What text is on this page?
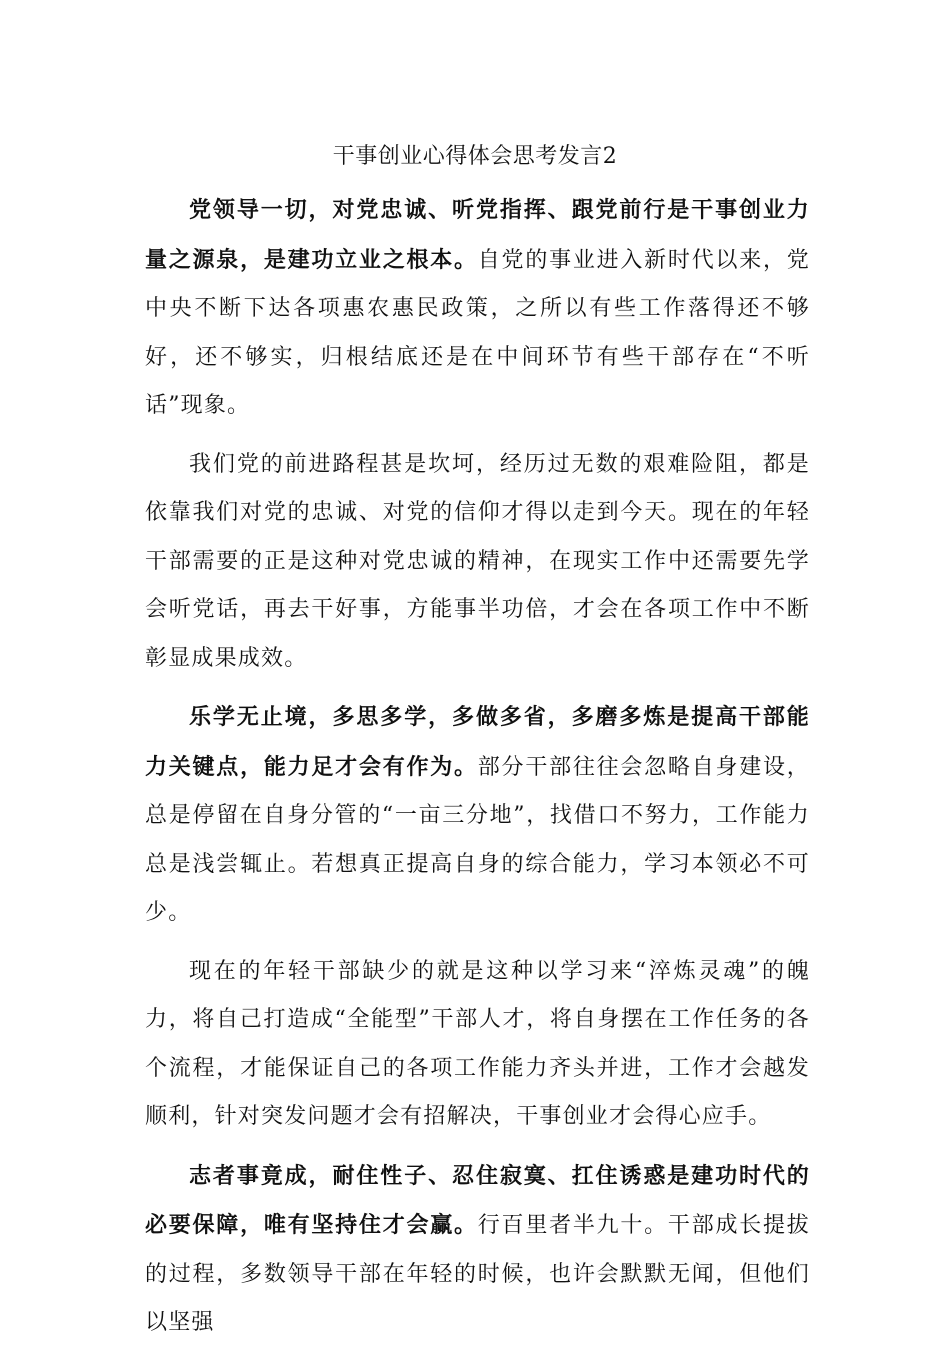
干事创业心得体会思考发言2

党领导一切，对党忠诚、听党指挥、跟党前行是干事创业力量之源泉，是建功立业之根本。自党的事业进入新时代以来，党中央不断下达各项惠农惠民政策，之所以有些工作落得还不够好，还不够实，归根结底还是在中间环节有些干部存在“不听话”现象。

我们党的前进路程甚是坎坷，经历过无数的艰难险阻，都是依靠我们对党的忠诚、对党的信仰才得以走到今天。现在的年轻干部需要的正是这种对党忠诚的精神，在现实工作中还需要先学会听党话，再去干好事，方能事半功倍，才会在各项工作中不断彰显成果成效。

乐学无止境，多思多学，多做多省，多磨多炼是提高干部能力关键点，能力足才会有作为。部分干部往往会忽略自身建设，总是停留在自身分管的“一亩三分地”，找借口不努力，工作能力总是浅尝辄止。若想真正提高自身的综合能力，学习本领必不可少。

现在的年轻干部缺少的就是这种以学习来“淬炼灵魂”的魄力，将自己打造成“全能型”干部人才，将自身摆在工作任务的各个流程，才能保证自己的各项工作能力齐头并进，工作才会越发顺利，针对突发问题才会有招解决，干事创业才会得心应手。

志者事竟成，耐住性子、忍住寂寞、扛住诱惑是建功时代的必要保障，唯有坚持住才会赢。行百里者半九十。干部成长提拔的过程，多数领导干部在年轻的时候，也许会默默无闻，但他们以坚强
